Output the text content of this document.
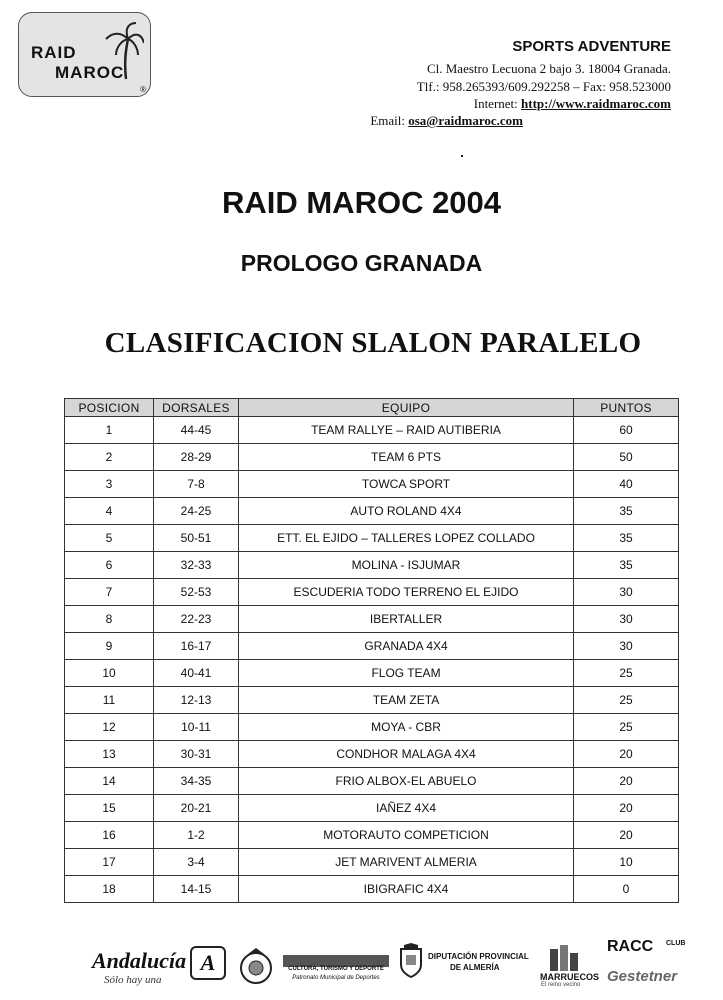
RAID
MAROC
®
SPORTS ADVENTURE
Cl. Maestro Lecuona 2 bajo 3. 18004 Granada.
Tlf.: 958.265393/609.292258 – Fax: 958.523000
Internet: http://www.raidmaroc.com
Email: osa@raidmaroc.com
RAID MAROC 2004
PROLOGO GRANADA
CLASIFICACION SLALON PARALELO
POSICION	DORSALES	EQUIPO	PUNTOS
1	44-45	TEAM RALLYE – RAID AUTIBERIA	60
2	28-29	TEAM 6 PTS	50
3	7-8	TOWCA SPORT	40
4	24-25	AUTO ROLAND 4X4	35
5	50-51	ETT. EL EJIDO – TALLERES LOPEZ COLLADO	35
6	32-33	MOLINA - ISJUMAR	35
7	52-53	ESCUDERIA TODO TERRENO EL EJIDO	30
8	22-23	IBERTALLER	30
9	16-17	GRANADA 4X4	30
10	40-41	FLOG TEAM	25
11	12-13	TEAM ZETA	25
12	10-11	MOYA - CBR	25
13	30-31	CONDHOR MALAGA 4X4	20
14	34-35	FRIO ALBOX-EL ABUELO	20
15	20-21	IAÑEZ 4X4	20
16	1-2	MOTORAUTO COMPETICION	20
17	3-4	JET MARIVENT ALMERIA	10
18	14-15	IBIGRAFIC 4X4	0
Andalucía
Sólo hay una
A	CULTURA, TURISMO Y DEPORTE
Patronato Municipal de Deportes
DIPUTACIÓN PROVINCIAL
DE ALMERÍA
MARRUECOS
El reino vecino
RACC CLUB
Gestetner
